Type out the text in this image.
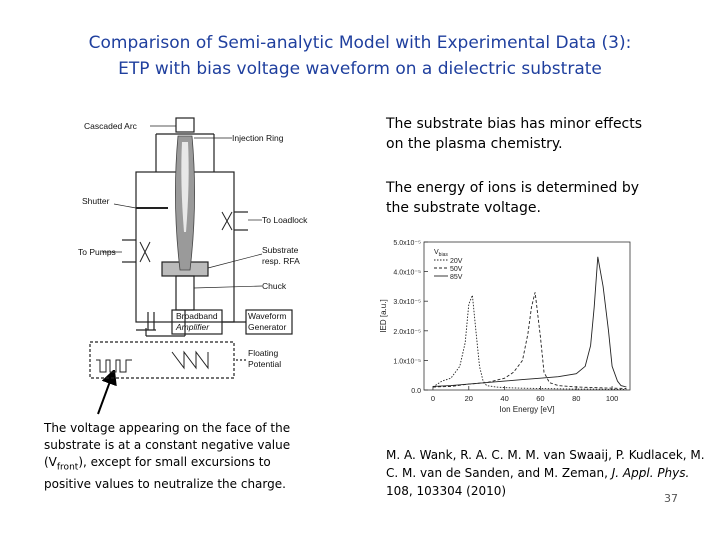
Comparison of Semi-analytic Model with Experimental Data (3):
ETP with bias voltage waveform on a dielectric substrate
The substrate bias has minor effects
on the plasma chemistry.
The energy of ions is determined by
the substrate voltage.
The voltage appearing on the face of the
substrate is at a constant negative value
$(V_{front})$, except for small excursions to
positive values to neutralize the charge.
M. A. Wank, R. A. C. M. M. van Swaaij, P. Kudlacek, M.
C. M. van de Sanden, and M. Zeman, J. Appl. Phys.
108, 103304 (2010)
37
Cascaded Arc
Injection Ring
Shutter
To Loadlock
To Pumps	Substrate
resp. RFA
Chuck
Broadband
Amplifier
Waveform
Generator
Floating
Potential
0.0
1.0x10⁻⁵
2.0x10⁻⁵
3.0x10⁻⁵
4.0x10⁻⁵
5.0x10⁻⁵
0	20	40	60	80	100
Ion Energy [eV]
IED [a.u.]
$V_{bias}$
20V
50V
85V
